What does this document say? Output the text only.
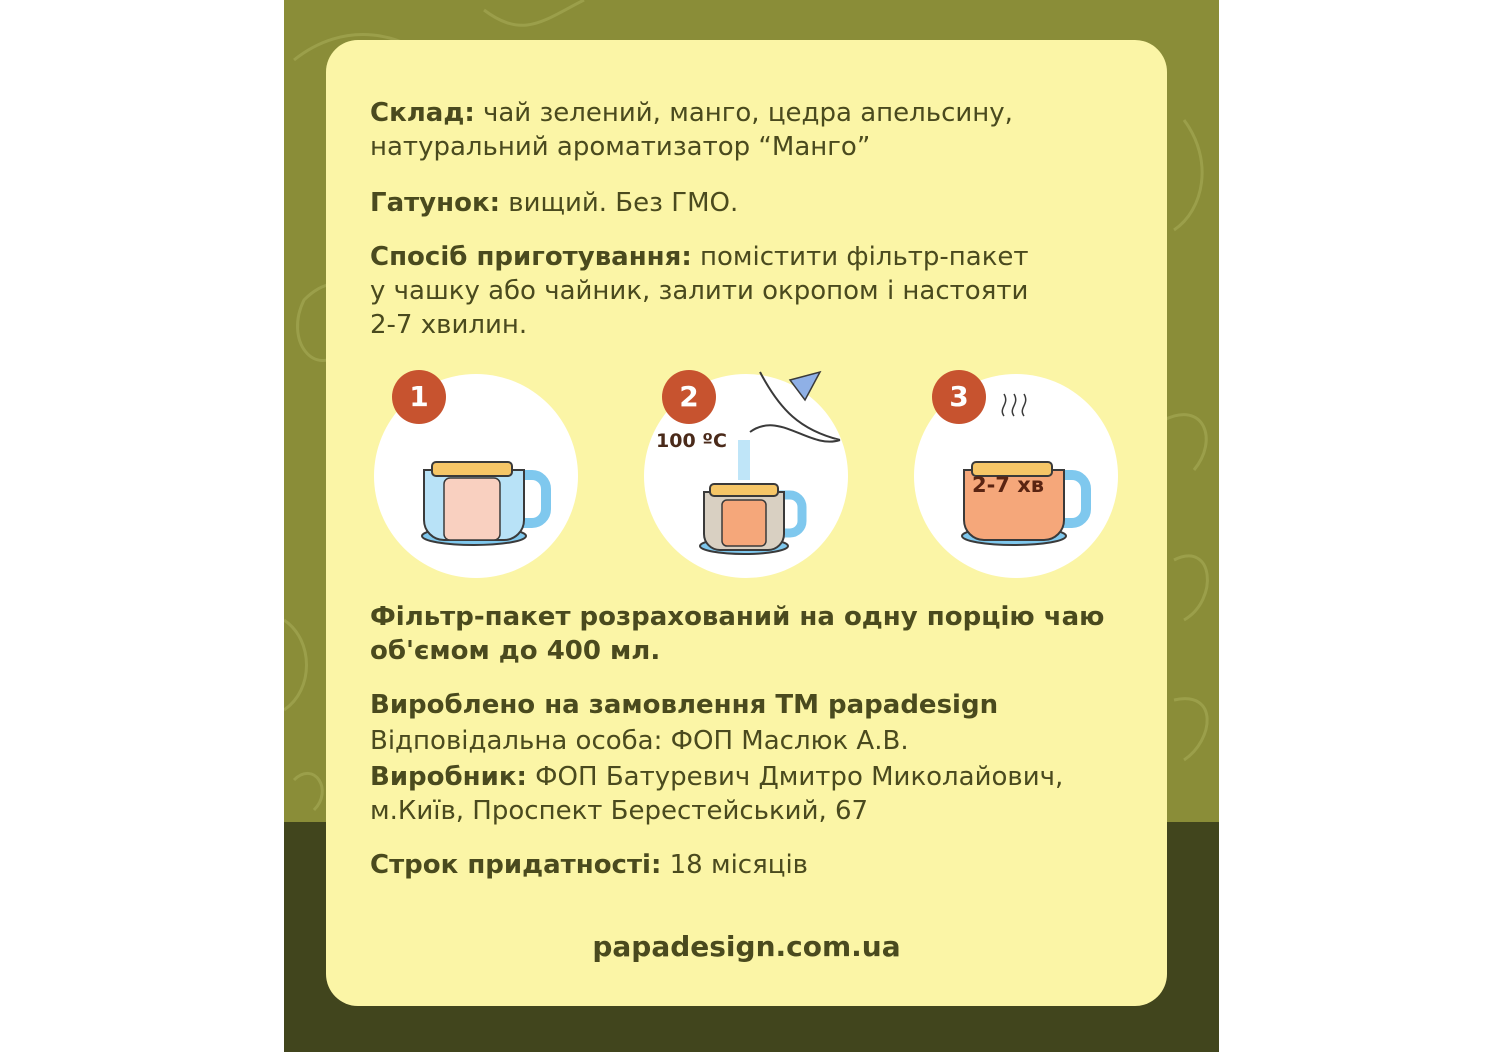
Склад: чай зелений, манго, цедра апельсину,

натуральний ароматизатор “Манго”

Гатунок: вищий. Без ГМО.

Спосіб приготування: помістити фільтр-пакет

у чашку або чайник, залити окропом і настояти

2-7 хвилин.

1	2
100 ºC
3
2-7 хв

Фільтр-пакет розрахований на одну порцію чаю

об'ємом до 400 мл.

Вироблено на замовлення ТМ papadesign

Відповідальна особа: ФОП Маслюк А.В.

Виробник: ФОП Батуревич Дмитро Миколайович,

м.Київ, Проспект Берестейський, 67

Строк придатності: 18 місяців

papadesign.com.ua
